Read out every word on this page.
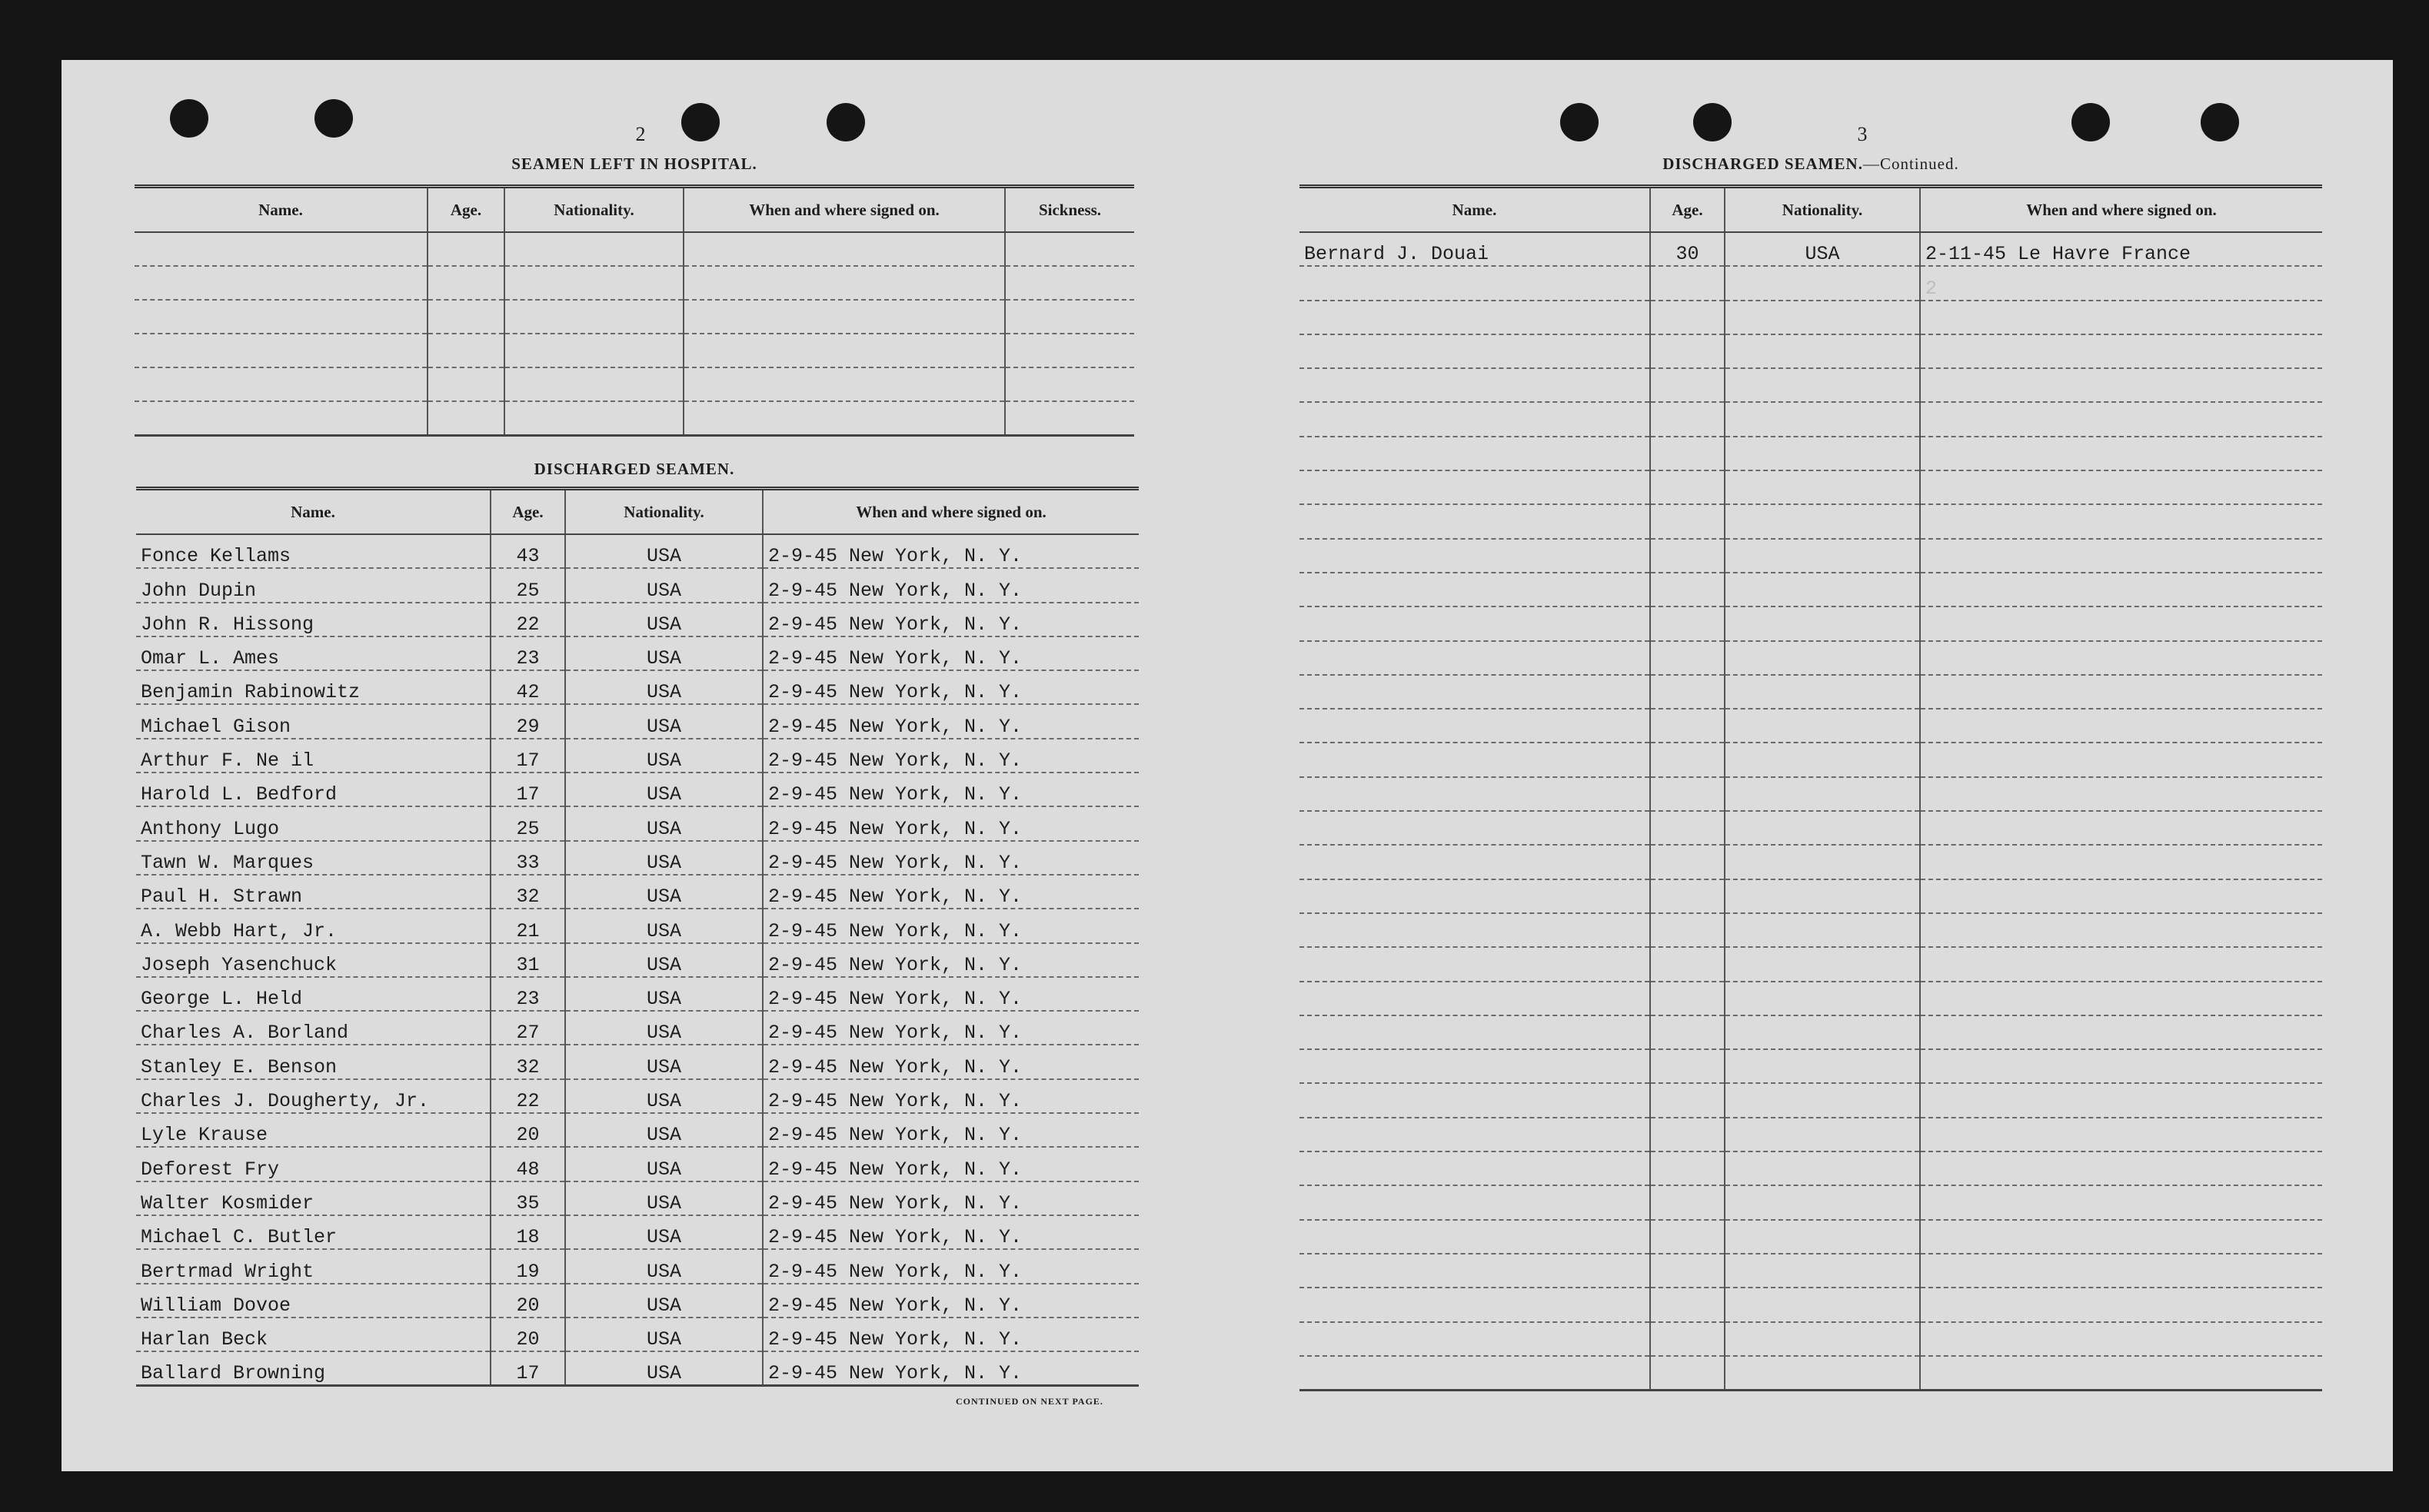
2
SEAMEN LEFT IN HOSPITAL.
Name.	Age.	Nationality.	When and where signed on.	Sickness.

DISCHARGED SEAMEN.
Name.	Age.	Nationality.	When and where signed on.
Fonce Kellams	43	USA	2-9-45 New York, N. Y.
John Dupin	25	USA	2-9-45 New York, N. Y.
John R. Hissong	22	USA	2-9-45 New York, N. Y.
Omar L. Ames	23	USA	2-9-45 New York, N. Y.
Benjamin Rabinowitz	42	USA	2-9-45 New York, N. Y.
Michael Gison	29	USA	2-9-45 New York, N. Y.
Arthur F. Ne il	17	USA	2-9-45 New York, N. Y.
Harold L. Bedford	17	USA	2-9-45 New York, N. Y.
Anthony Lugo	25	USA	2-9-45 New York, N. Y.
Tawn W. Marques	33	USA	2-9-45 New York, N. Y.
Paul H. Strawn	32	USA	2-9-45 New York, N. Y.
A. Webb Hart, Jr.	21	USA	2-9-45 New York, N. Y.
Joseph Yasenchuck	31	USA	2-9-45 New York, N. Y.
George L. Held	23	USA	2-9-45 New York, N. Y.
Charles A. Borland	27	USA	2-9-45 New York, N. Y.
Stanley E. Benson	32	USA	2-9-45 New York, N. Y.
Charles J. Dougherty, Jr.	22	USA	2-9-45 New York, N. Y.
Lyle Krause	20	USA	2-9-45 New York, N. Y.
Deforest Fry	48	USA	2-9-45 New York, N. Y.
Walter Kosmider	35	USA	2-9-45 New York, N. Y.
Michael C. Butler	18	USA	2-9-45 New York, N. Y.
Bertrmad Wright	19	USA	2-9-45 New York, N. Y.
William Dovoe	20	USA	2-9-45 New York, N. Y.
Harlan Beck	20	USA	2-9-45 New York, N. Y.
Ballard Browning	17	USA	2-9-45 New York, N. Y.
CONTINUED ON NEXT PAGE.
3
DISCHARGED SEAMEN.—Continued.
Name.	Age.	Nationality.	When and where signed on.
Bernard J. Douai	30	USA	2-11-45 Le Havre France
			2
